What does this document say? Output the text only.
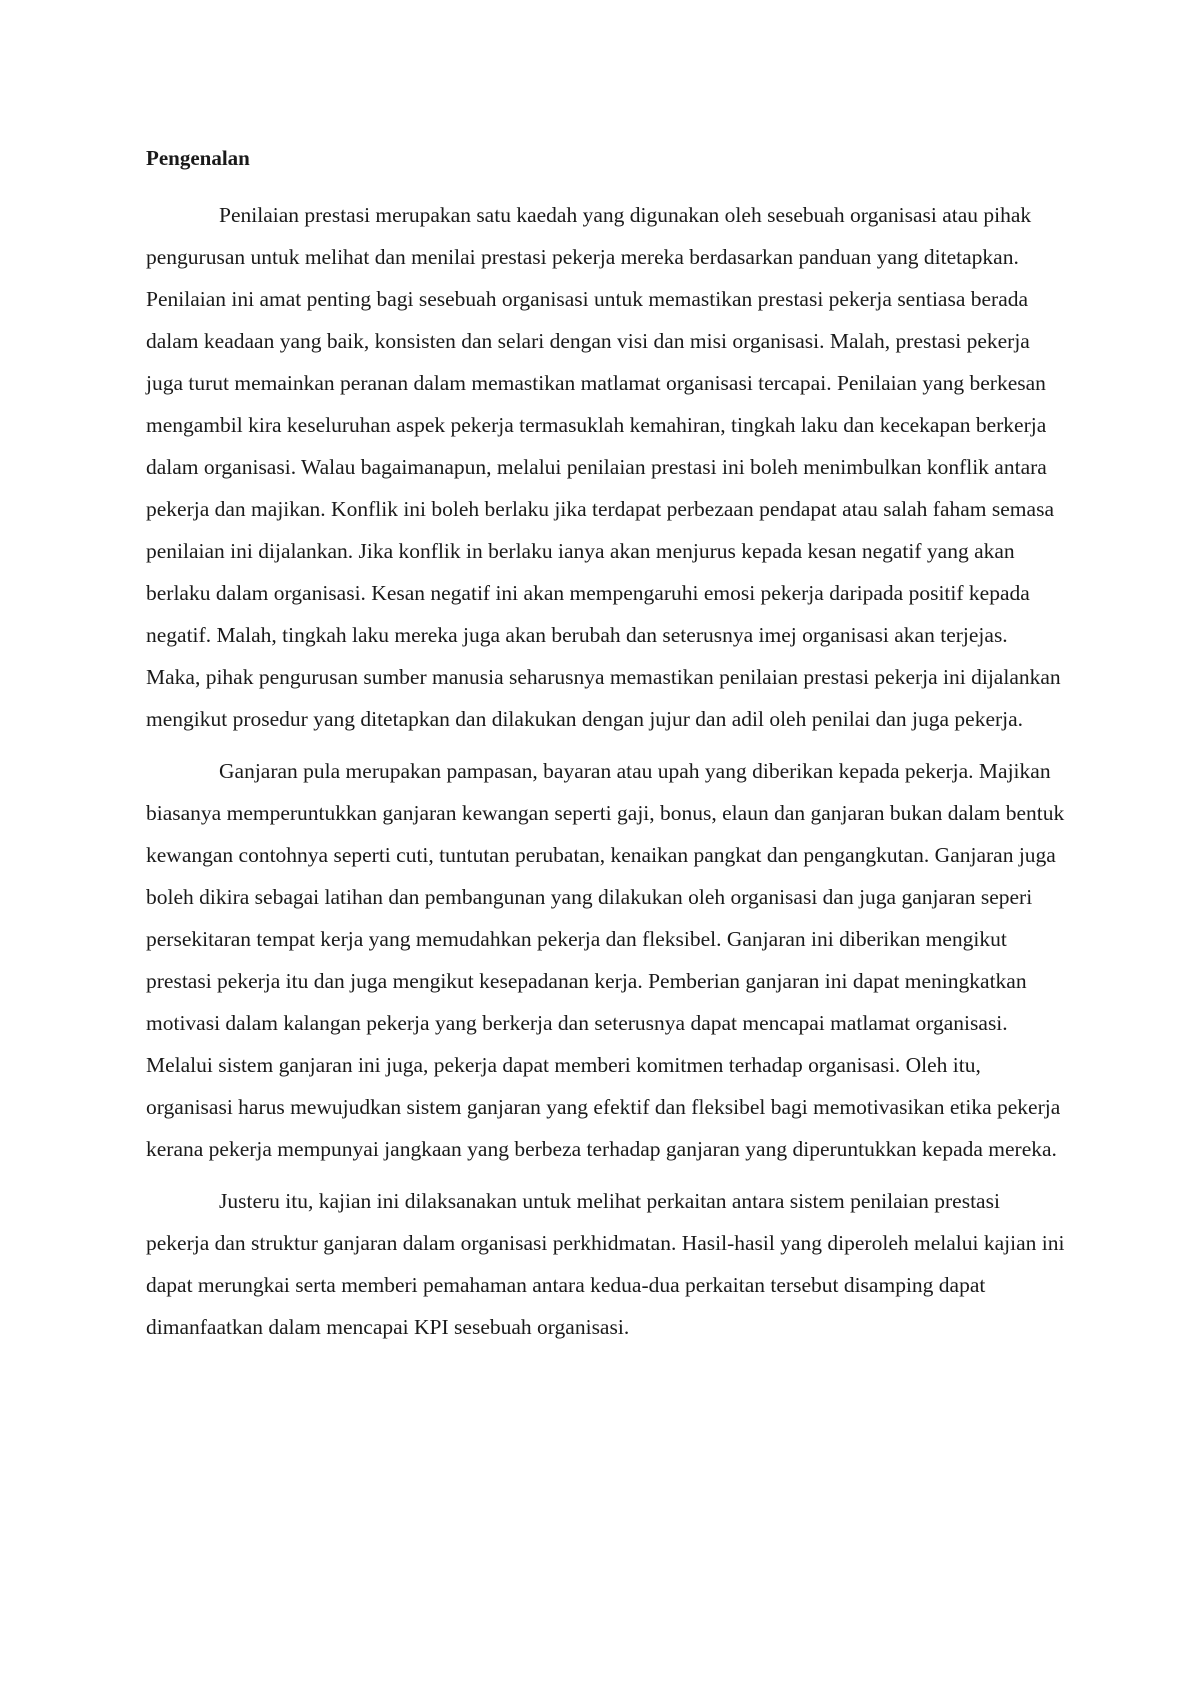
Pengenalan

Penilaian prestasi merupakan satu kaedah yang digunakan oleh sesebuah organisasi atau pihak pengurusan untuk melihat dan menilai prestasi pekerja mereka berdasarkan panduan yang ditetapkan. Penilaian ini amat penting bagi sesebuah organisasi untuk memastikan prestasi pekerja sentiasa berada dalam keadaan yang baik, konsisten dan selari dengan visi dan misi organisasi. Malah, prestasi pekerja juga turut memainkan peranan dalam memastikan matlamat organisasi tercapai. Penilaian yang berkesan mengambil kira keseluruhan aspek pekerja termasuklah kemahiran, tingkah laku dan kecekapan berkerja dalam organisasi. Walau bagaimanapun, melalui penilaian prestasi ini boleh menimbulkan konflik antara pekerja dan majikan. Konflik ini boleh berlaku jika terdapat perbezaan pendapat atau salah faham semasa penilaian ini dijalankan. Jika konflik in berlaku ianya akan menjurus kepada kesan negatif yang akan berlaku dalam organisasi. Kesan negatif ini akan mempengaruhi emosi pekerja daripada positif kepada negatif. Malah, tingkah laku mereka juga akan berubah dan seterusnya imej organisasi akan terjejas. Maka, pihak pengurusan sumber manusia seharusnya memastikan penilaian prestasi pekerja ini dijalankan mengikut prosedur yang ditetapkan dan dilakukan dengan jujur dan adil oleh penilai dan juga pekerja.

Ganjaran pula merupakan pampasan, bayaran atau upah yang diberikan kepada pekerja. Majikan biasanya memperuntukkan ganjaran kewangan seperti gaji, bonus, elaun dan ganjaran bukan dalam bentuk kewangan contohnya seperti cuti, tuntutan perubatan, kenaikan pangkat dan pengangkutan. Ganjaran juga boleh dikira sebagai latihan dan pembangunan yang dilakukan oleh organisasi dan juga ganjaran seperi persekitaran tempat kerja yang memudahkan pekerja dan fleksibel. Ganjaran ini diberikan mengikut prestasi pekerja itu dan juga mengikut kesepadanan kerja. Pemberian ganjaran ini dapat meningkatkan motivasi dalam kalangan pekerja yang berkerja dan seterusnya dapat mencapai matlamat organisasi. Melalui sistem ganjaran ini juga, pekerja dapat memberi komitmen terhadap organisasi. Oleh itu, organisasi harus mewujudkan sistem ganjaran yang efektif dan fleksibel bagi memotivasikan etika pekerja kerana pekerja mempunyai jangkaan yang berbeza terhadap ganjaran yang diperuntukkan kepada mereka.

Justeru itu, kajian ini dilaksanakan untuk melihat perkaitan antara sistem penilaian prestasi pekerja dan struktur ganjaran dalam organisasi perkhidmatan. Hasil-hasil yang diperoleh melalui kajian ini dapat merungkai serta memberi pemahaman antara kedua-dua perkaitan tersebut disamping dapat dimanfaatkan dalam mencapai KPI sesebuah organisasi.
